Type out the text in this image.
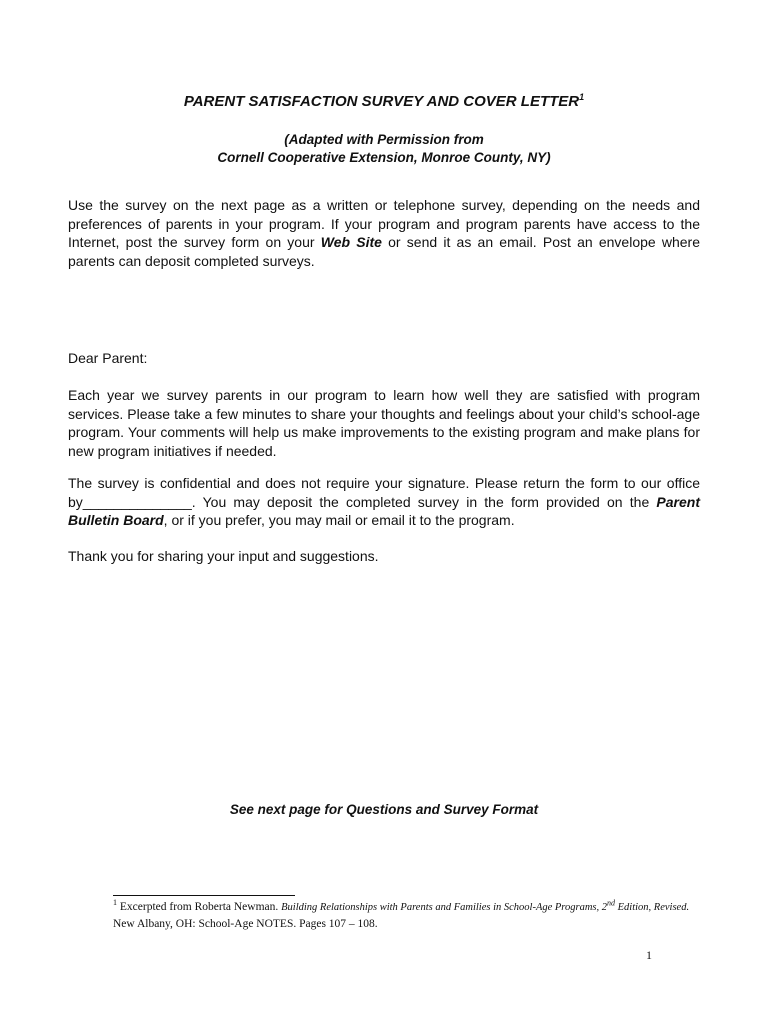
PARENT SATISFACTION SURVEY AND COVER LETTER$^1$
(Adapted with Permission from
Cornell Cooperative Extension, Monroe County, NY)
Use the survey on the next page as a written or telephone survey, depending on the needs and preferences of parents in your program. If your program and program parents have access to the Internet, post the survey form on your Web Site or send it as an email. Post an envelope where parents can deposit completed surveys.
Dear Parent:
Each year we survey parents in our program to learn how well they are satisfied with program services. Please take a few minutes to share your thoughts and feelings about your child’s school-age program. Your comments will help us make improvements to the existing program and make plans for new program initiatives if needed.
The survey is confidential and does not require your signature. Please return the form to our office by______________. You may deposit the completed survey in the form provided on the Parent Bulletin Board, or if you prefer, you may mail or email it to the program.
Thank you for sharing your input and suggestions.
See next page for Questions and Survey Format
$^1$ Excerpted from Roberta Newman. Building Relationships with Parents and Families in School-Age Programs, 2nd Edition, Revised. New Albany, OH: School-Age NOTES. Pages 107 – 108.
1
